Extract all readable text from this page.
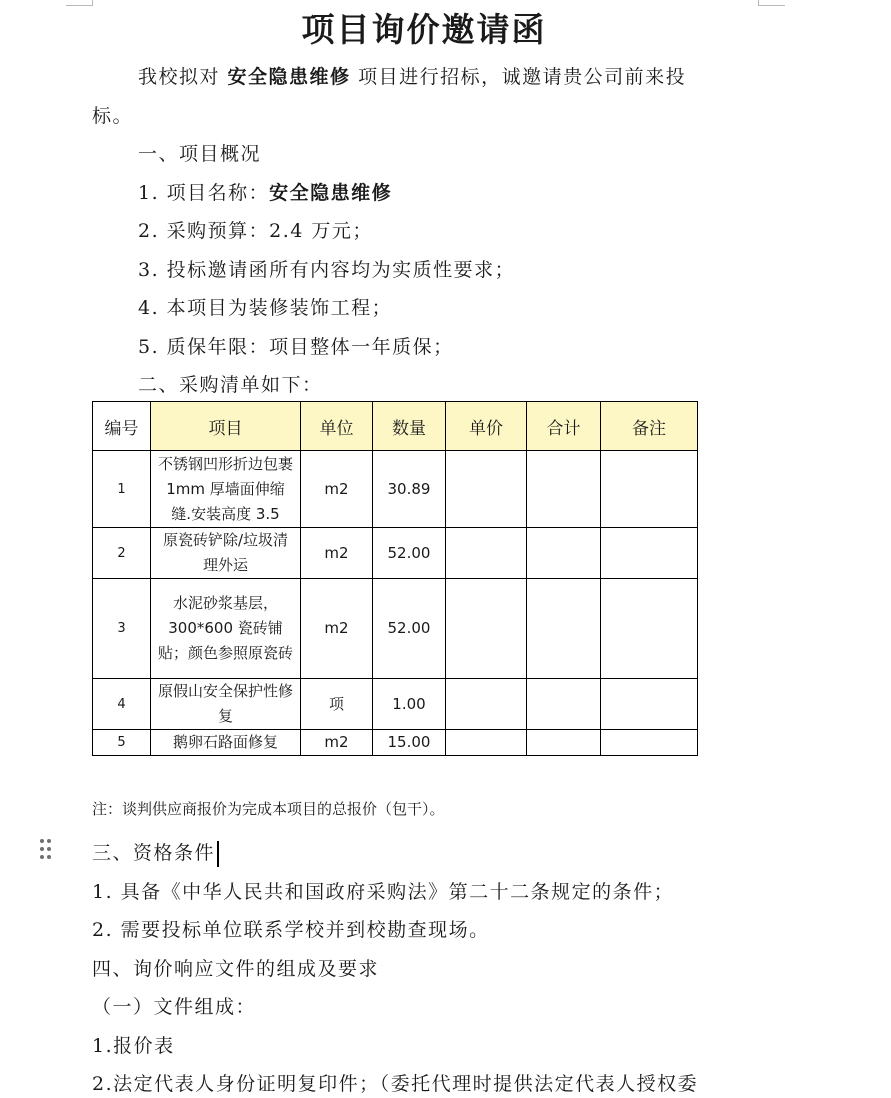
项目询价邀请函
我校拟对 安全隐患维修 项目进行招标，诚邀请贵公司前来投
标。
一、项目概况
1. 项目名称：安全隐患维修
2. 采购预算：2.4 万元；
3. 投标邀请函所有内容均为实质性要求；
4. 本项目为装修装饰工程；
5. 质保年限：项目整体一年质保；
二、采购清单如下：
编号	项目	单位	数量	单价	合计	备注
1	不锈钢凹形折边包裹 1mm 厚墙面伸缩缝.安装高度 3.5	m2	30.89			
2	原瓷砖铲除/垃圾清理外运	m2	52.00			
3	水泥砂浆基层，300*600 瓷砖铺贴；颜色参照原瓷砖	m2	52.00			
4	原假山安全保护性修复	项	1.00			
5	鹅卵石路面修复	m2	15.00			
注：谈判供应商报价为完成本项目的总报价（包干）。
三、资格条件
1. 具备《中华人民共和国政府采购法》第二十二条规定的条件；
2. 需要投标单位联系学校并到校勘查现场。
四、询价响应文件的组成及要求
（一）文件组成：
1.报价表
2.法定代表人身份证明复印件；（委托代理时提供法定代表人授权委
